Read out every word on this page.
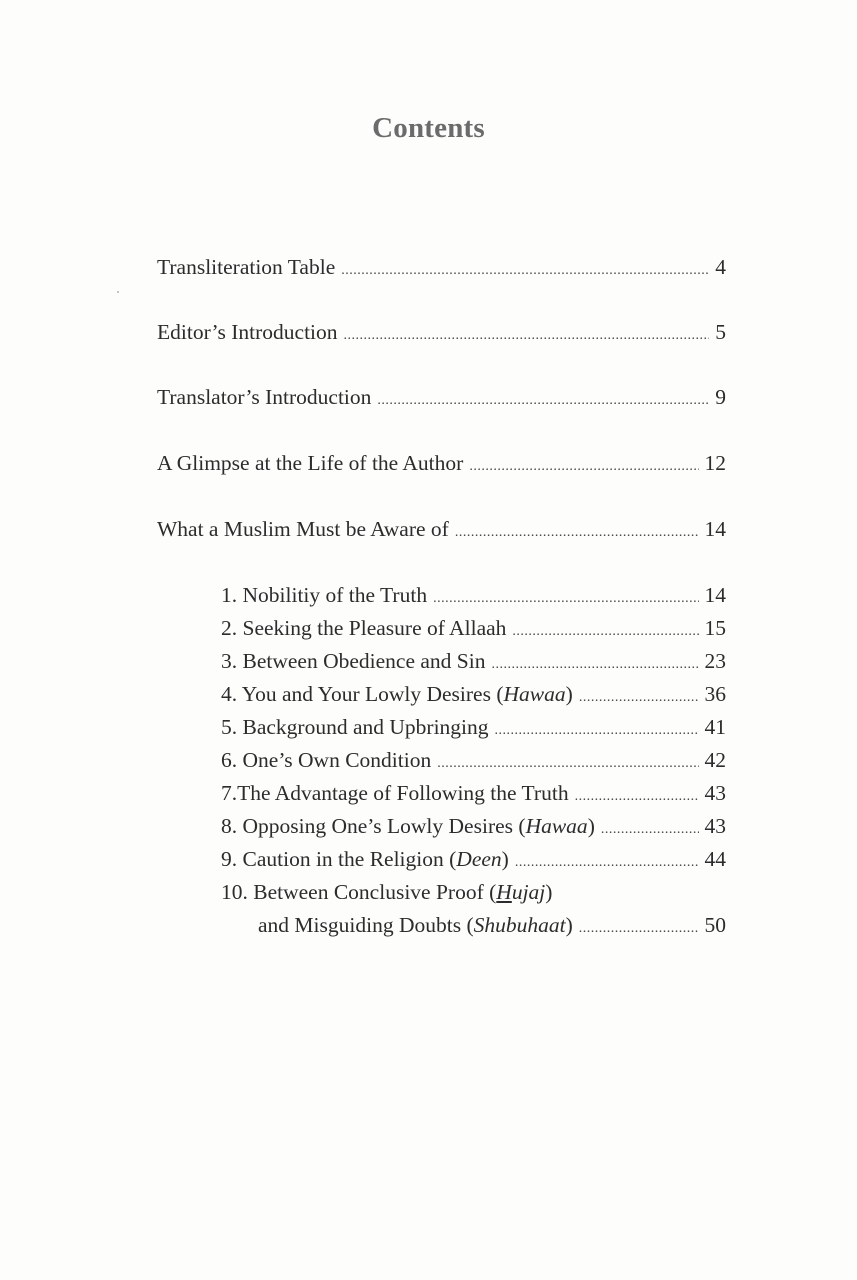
Contents
Transliteration Table .....	4
Editor’s Introduction .....	5
Translator’s Introduction .....	9
A Glimpse at the Life of the Author .....	12
What a Muslim Must be Aware of .....	14
1. Nobilitiy of the Truth .....	14
2. Seeking the Pleasure of Allaah .....	15
3. Between Obedience and Sin .....	23
4. You and Your Lowly Desires (Hawaa) .....	36
5. Background and Upbringing .....	41
6. One’s Own Condition .....	42
7.The Advantage of Following the Truth .....	43
8. Opposing One’s Lowly Desires (Hawaa) .....	43
9. Caution in the Religion (Deen) .....	44
10. Between Conclusive Proof (Hujaj)
and Misguiding Doubts (Shubuhaat) .....	50
